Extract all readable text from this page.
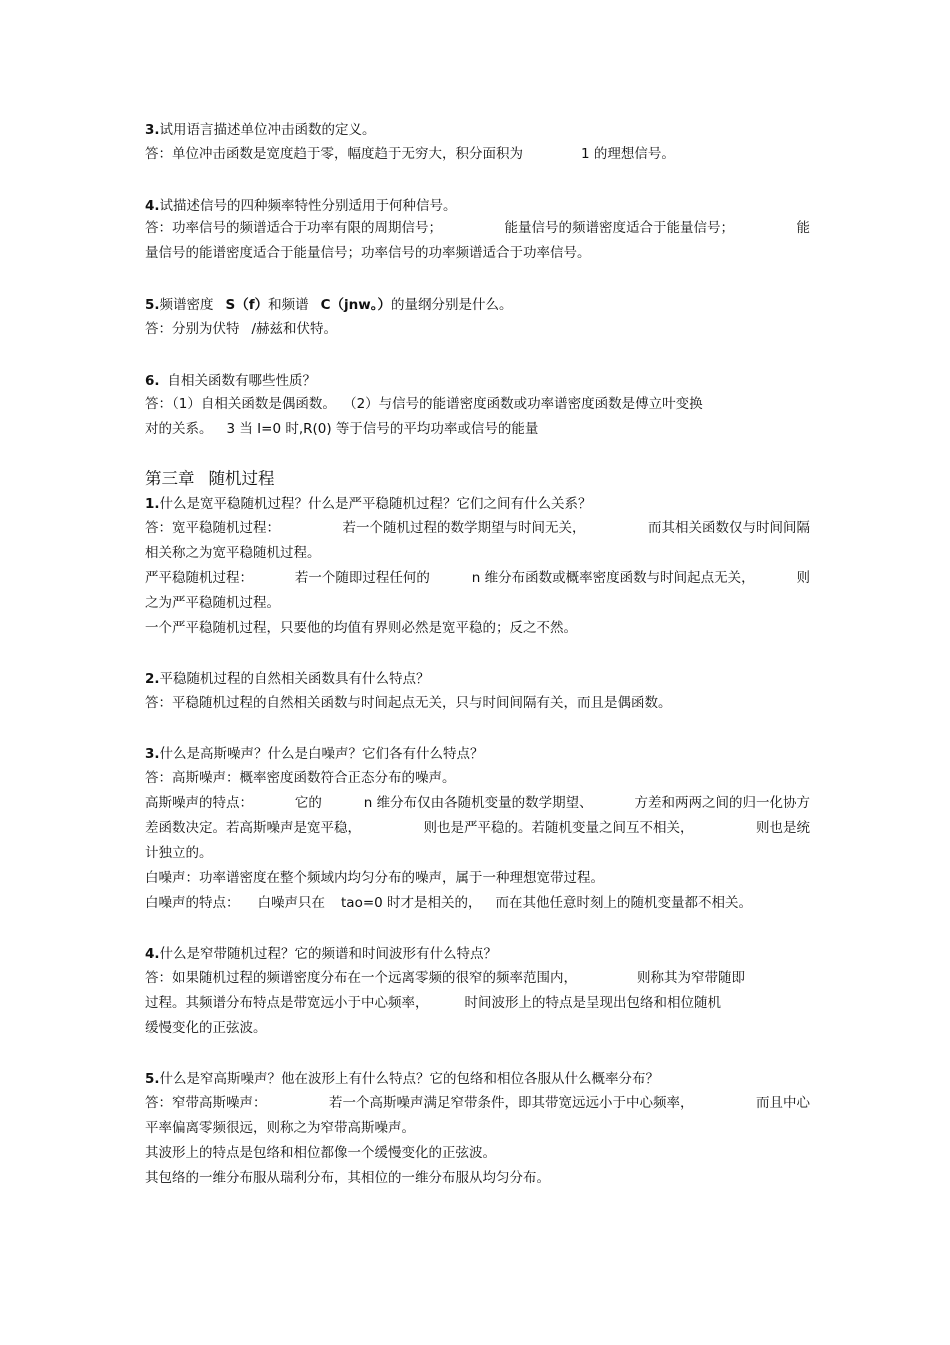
3.试用语言描述单位冲击函数的定义。
答：单位冲击函数是宽度趋于零，幅度趋于无穷大，积分面积为	1 的理想信号。
4.试描述信号的四种频率特性分别适用于何种信号。
答：功率信号的频谱适合于功率有限的周期信号；	能量信号的频谱密度适合于能量信号；	能
量信号的能谱密度适合于能量信号；功率信号的功率频谱适合于功率信号。
5.频谱密度 S（f）和频谱 C（jnw。）的量纲分别是什么。
答：分别为伏特 /赫兹和伏特。
6. 自相关函数有哪些性质？
答：（1）自相关函数是偶函数。 （2）与信号的能谱密度函数或功率谱密度函数是傅立叶变换
对的关系。 3 当 I=0 时,R(0) 等于信号的平均功率或信号的能量
第三章 随机过程
1.什么是宽平稳随机过程？什么是严平稳随机过程？它们之间有什么关系？
答：宽平稳随机过程：	若一个随机过程的数学期望与时间无关，	而其相关函数仅与时间间隔
相关称之为宽平稳随机过程。
严平稳随机过程：	若一个随即过程任何的	n 维分布函数或概率密度函数与时间起点无关，	则
之为严平稳随机过程。
一个严平稳随机过程，只要他的均值有界则必然是宽平稳的；反之不然。
2.平稳随机过程的自然相关函数具有什么特点？
答：平稳随机过程的自然相关函数与时间起点无关，只与时间间隔有关，而且是偶函数。
3.什么是高斯噪声？什么是白噪声？它们各有什么特点？
答：高斯噪声：概率密度函数符合正态分布的噪声。
高斯噪声的特点：	它的	n 维分布仅由各随机变量的数学期望、	方差和两两之间的归一化协方
差函数决定。若高斯噪声是宽平稳，	则也是严平稳的。若随机变量之间互不相关，	则也是统
计独立的。
白噪声：功率谱密度在整个频域内均匀分布的噪声，属于一种理想宽带过程。
白噪声的特点： 白噪声只在 tao=0 时才是相关的， 而在其他任意时刻上的随机变量都不相关。
4.什么是窄带随机过程？它的频谱和时间波形有什么特点？
答：如果随机过程的频谱密度分布在一个远离零频的很窄的频率范围内，	则称其为窄带随即
过程。其频谱分布特点是带宽远小于中心频率，	时间波形上的特点是呈现出包络和相位随机
缓慢变化的正弦波。
5.什么是窄高斯噪声？他在波形上有什么特点？它的包络和相位各服从什么概率分布？
答：窄带高斯噪声：	若一个高斯噪声满足窄带条件，即其带宽远远小于中心频率，	而且中心
平率偏离零频很远，则称之为窄带高斯噪声。
其波形上的特点是包络和相位都像一个缓慢变化的正弦波。
其包络的一维分布服从瑞利分布，其相位的一维分布服从均匀分布。
